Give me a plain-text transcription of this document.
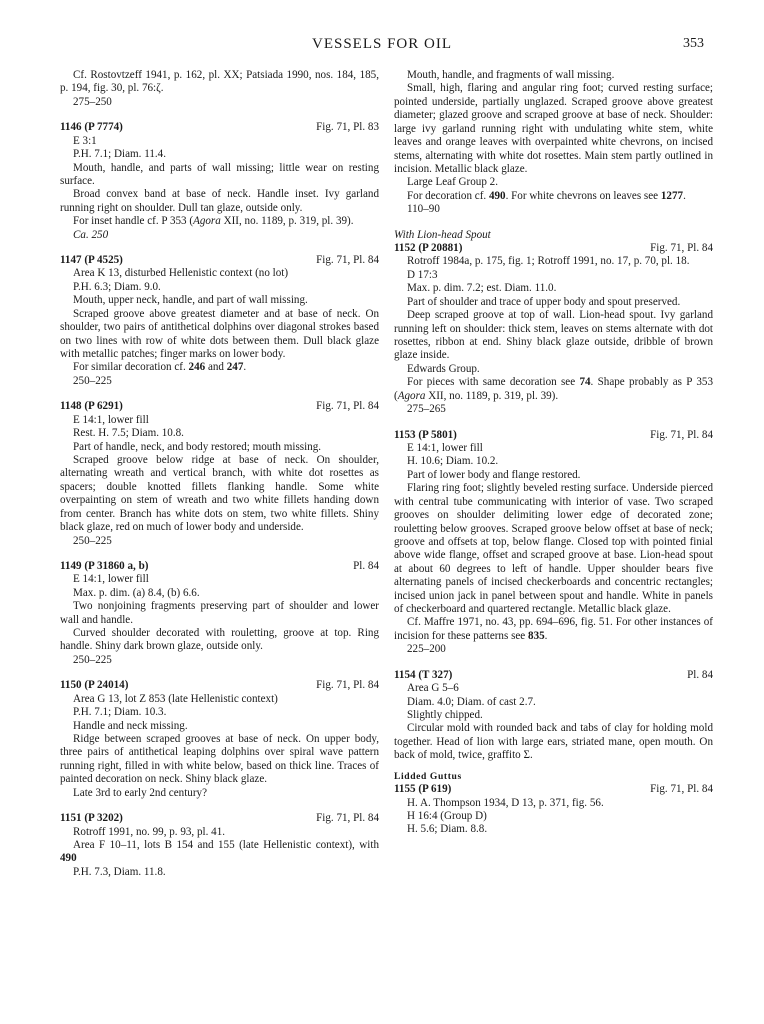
VESSELS FOR OIL	353

Cf. Rostovtzeff 1941, p. 162, pl. XX; Patsiada 1990, nos. 184, 185, p. 194, fig. 30, pl. 76:ζ.

275–250

1146 (P 7774)	Fig. 71, Pl. 83

E 3:1

P.H. 7.1; Diam. 11.4.

Mouth, handle, and parts of wall missing; little wear on resting surface.

Broad convex band at base of neck. Handle inset. Ivy garland running right on shoulder. Dull tan glaze, outside only.

For inset handle cf. P 353 (Agora XII, no. 1189, p. 319, pl. 39).

Ca. 250

1147 (P 4525)	Fig. 71, Pl. 84

Area K 13, disturbed Hellenistic context (no lot)

P.H. 6.3; Diam. 9.0.

Mouth, upper neck, handle, and part of wall missing.

Scraped groove above greatest diameter and at base of neck. On shoulder, two pairs of antithetical dolphins over diagonal strokes based on two lines with row of white dots between them. Dull black glaze with metallic patches; finger marks on lower body.

For similar decoration cf. 246 and 247.

250–225

1148 (P 6291)	Fig. 71, Pl. 84

E 14:1, lower fill

Rest. H. 7.5; Diam. 10.8.

Part of handle, neck, and body restored; mouth missing.

Scraped groove below ridge at base of neck. On shoulder, alternating wreath and vertical branch, with white dot rosettes as spacers; double knotted fillets flanking handle. Some white overpainting on stem of wreath and two white fillets handing down from center. Branch has white dots on stem, two white fillets. Shiny black glaze, red on much of lower body and underside.

250–225

1149 (P 31860 a, b)	Pl. 84

E 14:1, lower fill

Max. p. dim. (a) 8.4, (b) 6.6.

Two nonjoining fragments preserving part of shoulder and lower wall and handle.

Curved shoulder decorated with rouletting, groove at top. Ring handle. Shiny dark brown glaze, outside only.

250–225

1150 (P 24014)	Fig. 71, Pl. 84

Area G 13, lot Z 853 (late Hellenistic context)

P.H. 7.1; Diam. 10.3.

Handle and neck missing.

Ridge between scraped grooves at base of neck. On upper body, three pairs of antithetical leaping dolphins over spiral wave pattern running right, filled in with white below, based on thick line. Traces of painted decoration on neck. Shiny black glaze.

Late 3rd to early 2nd century?

1151 (P 3202)	Fig. 71, Pl. 84

Rotroff 1991, no. 99, p. 93, pl. 41.

Area F 10–11, lots B 154 and 155 (late Hellenistic context), with 490

P.H. 7.3, Diam. 11.8.

Mouth, handle, and fragments of wall missing.

Small, high, flaring and angular ring foot; curved resting surface; pointed underside, partially unglazed. Scraped groove above greatest diameter; glazed groove and scraped groove at base of neck. Shoulder: large ivy garland running right with undulating white stem, white leaves and orange leaves with overpainted white chevrons, on incised stems, alternating with white dot rosettes. Main stem partly outlined in incision. Metallic black glaze.

Large Leaf Group 2.

For decoration cf. 490. For white chevrons on leaves see 1277.

110–90

With Lion-head Spout

1152 (P 20881)	Fig. 71, Pl. 84

Rotroff 1984a, p. 175, fig. 1; Rotroff 1991, no. 17, p. 70, pl. 18.

D 17:3

Max. p. dim. 7.2; est. Diam. 11.0.

Part of shoulder and trace of upper body and spout preserved.

Deep scraped groove at top of wall. Lion-head spout. Ivy garland running left on shoulder: thick stem, leaves on stems alternate with dot rosettes, ribbon at end. Shiny black glaze outside, dribble of brown glaze inside.

Edwards Group.

For pieces with same decoration see 74. Shape probably as P 353 (Agora XII, no. 1189, p. 319, pl. 39).

275–265

1153 (P 5801)	Fig. 71, Pl. 84

E 14:1, lower fill

H. 10.6; Diam. 10.2.

Part of lower body and flange restored.

Flaring ring foot; slightly beveled resting surface. Underside pierced with central tube communicating with interior of vase. Two scraped grooves on shoulder delimiting lower edge of decorated zone; rouletting below grooves. Scraped groove below offset at base of neck; groove and offsets at top, below flange. Closed top with pointed finial above wide flange, offset and scraped groove at base. Lion-head spout at about 60 degrees to left of handle. Upper shoulder bears five alternating panels of incised checkerboards and concentric rectangles; incised union jack in panel between spout and handle. White in panels of checkerboard and quartered rectangle. Metallic black glaze.

Cf. Maffre 1971, no. 43, pp. 694–696, fig. 51. For other instances of incision for these patterns see 835.

225–200

1154 (T 327)	Pl. 84

Area G 5–6

Diam. 4.0; Diam. of cast 2.7.

Slightly chipped.

Circular mold with rounded back and tabs of clay for holding mold together. Head of lion with large ears, striated mane, open mouth. On back of mold, twice, graffito Σ.

Lidded Guttus

1155 (P 619)	Fig. 71, Pl. 84

H. A. Thompson 1934, D 13, p. 371, fig. 56.

H 16:4 (Group D)

H. 5.6; Diam. 8.8.
